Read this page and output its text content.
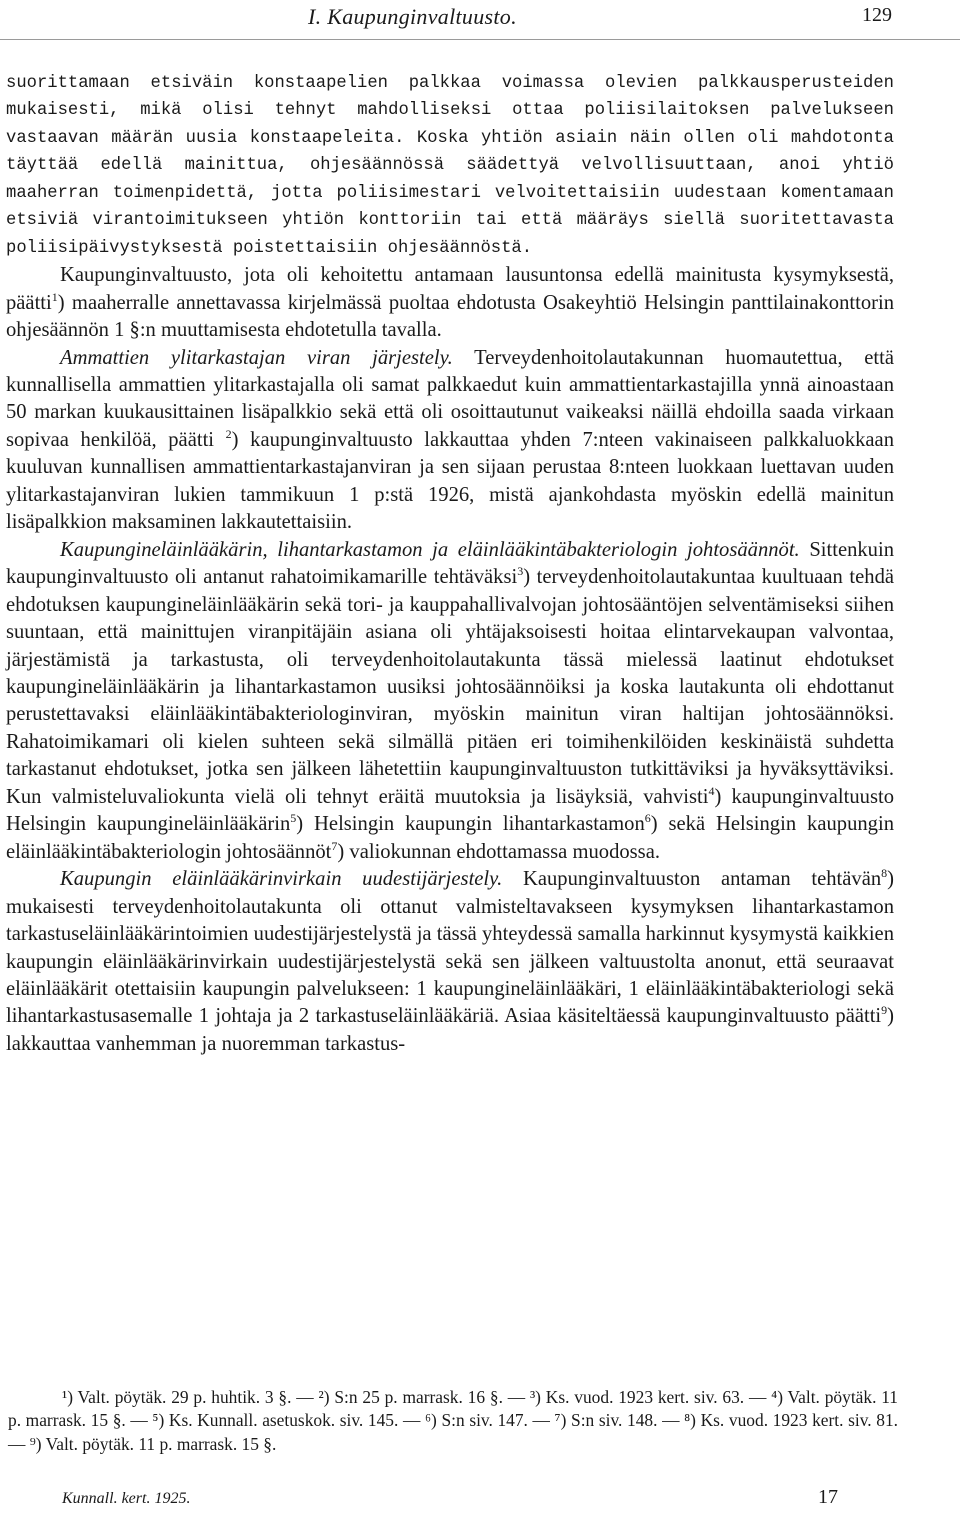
I. Kaupunginvaltuusto.	129

suorittamaan etsiväin konstaapelien palkkaa voimassa olevien palkkausperusteiden mukaisesti, mikä olisi tehnyt mahdolliseksi ottaa poliisilaitoksen palvelukseen vastaavan määrän uusia konstaapeleita. Koska yhtiön asiain näin ollen oli mahdotonta täyttää edellä mainittua, ohjesäännössä säädettyä velvollisuuttaan, anoi yhtiö maaherran toimenpidettä, jotta poliisimestari velvoitettaisiin uudestaan komentamaan etsiviä virantoimitukseen yhtiön konttoriin tai että määräys siellä suoritettavasta poliisipäivystyksestä poistettaisiin ohjesäännöstä.

Kaupunginvaltuusto, jota oli kehoitettu antamaan lausuntonsa edellä mainitusta kysymyksestä, päätti$^1$) maaherralle annettavassa kirjelmässä puoltaa ehdotusta Osakeyhtiö Helsingin panttilainakonttorin ohjesäännön 1 §:n muuttamisesta ehdotetulla tavalla.

Ammattien ylitarkastajan viran järjestely. Terveydenhoitolautakunnan huomautettua, että kunnallisella ammattien ylitarkastajalla oli samat palkkaedut kuin ammattientarkastajilla ynnä ainoastaan 50 markan kuukausittainen lisäpalkkio sekä että oli osoittautunut vaikeaksi näillä ehdoilla saada virkaan sopivaa henkilöä, päätti $^2$) kaupunginvaltuusto lakkauttaa yhden 7:nteen vakinaiseen palkkaluokkaan kuuluvan kunnallisen ammattientarkastajanviran ja sen sijaan perustaa 8:nteen luokkaan luettavan uuden ylitarkastajanviran lukien tammikuun 1 p:stä 1926, mistä ajankohdasta myöskin edellä mainitun lisäpalkkion maksaminen lakkautettaisiin.

Kaupungineläinlääkärin, lihantarkastamon ja eläinlääkintäbakteriologin johtosäännöt. Sittenkuin kaupunginvaltuusto oli antanut rahatoimikamarille tehtäväksi$^3$) terveydenhoitolautakuntaa kuultuaan tehdä ehdotuksen kaupungineläinlääkärin sekä tori- ja kauppahallivalvojan johtosääntöjen selventämiseksi siihen suuntaan, että mainittujen viranpitäjäin asiana oli yhtäjaksoisesti hoitaa elintarvekaupan valvontaa, järjestämistä ja tarkastusta, oli terveydenhoitolautakunta tässä mielessä laatinut ehdotukset kaupungineläinlääkärin ja lihantarkastamon uusiksi johtosäännöiksi ja koska lautakunta oli ehdottanut perustettavaksi eläinlääkintäbakteriologinviran, myöskin mainitun viran haltijan johtosäännöksi. Rahatoimikamari oli kielen suhteen sekä silmällä pitäen eri toimihenkilöiden keskinäistä suhdetta tarkastanut ehdotukset, jotka sen jälkeen lähetettiin kaupunginvaltuuston tutkittäviksi ja hyväksyttäviksi. Kun valmisteluvaliokunta vielä oli tehnyt eräitä muutoksia ja lisäyksiä, vahvisti$^4$) kaupunginvaltuusto Helsingin kaupungineläinlääkärin$^5$) Helsingin kaupungin lihantarkastamon$^6$) sekä Helsingin kaupungin eläinlääkintäbakteriologin johtosäännöt$^7$) valiokunnan ehdottamassa muodossa.

Kaupungin eläinlääkärinvirkain uudestijärjestely. Kaupunginvaltuuston antaman tehtävän$^8$) mukaisesti terveydenhoitolautakunta oli ottanut valmisteltavakseen kysymyksen lihantarkastamon tarkastuseläinlääkärintoimien uudestijärjestelystä ja tässä yhteydessä samalla harkinnut kysymystä kaikkien kaupungin eläinlääkärinvirkain uudestijärjestelystä sekä sen jälkeen valtuustolta anonut, että seuraavat eläinlääkärit otettaisiin kaupungin palvelukseen: 1 kaupungineläinlääkäri, 1 eläinlääkintäbakteriologi sekä lihantarkastusasemalle 1 johtaja ja 2 tarkastuseläinlääkäriä. Asiaa käsiteltäessä kaupunginvaltuusto päätti$^9$) lakkauttaa vanhemman ja nuoremman tarkastus-

¹) Valt. pöytäk. 29 p. huhtik. 3 §. — ²) S:n 25 p. marrask. 16 §. — ³) Ks. vuod. 1923 kert. siv. 63. — ⁴) Valt. pöytäk. 11 p. marrask. 15 §. — ⁵) Ks. Kunnall. asetuskok. siv. 145. — ⁶) S:n siv. 147. — ⁷) S:n siv. 148. — ⁸) Ks. vuod. 1923 kert. siv. 81. — ⁹) Valt. pöytäk. 11 p. marrask. 15 §.

Kunnall. kert. 1925.	17
